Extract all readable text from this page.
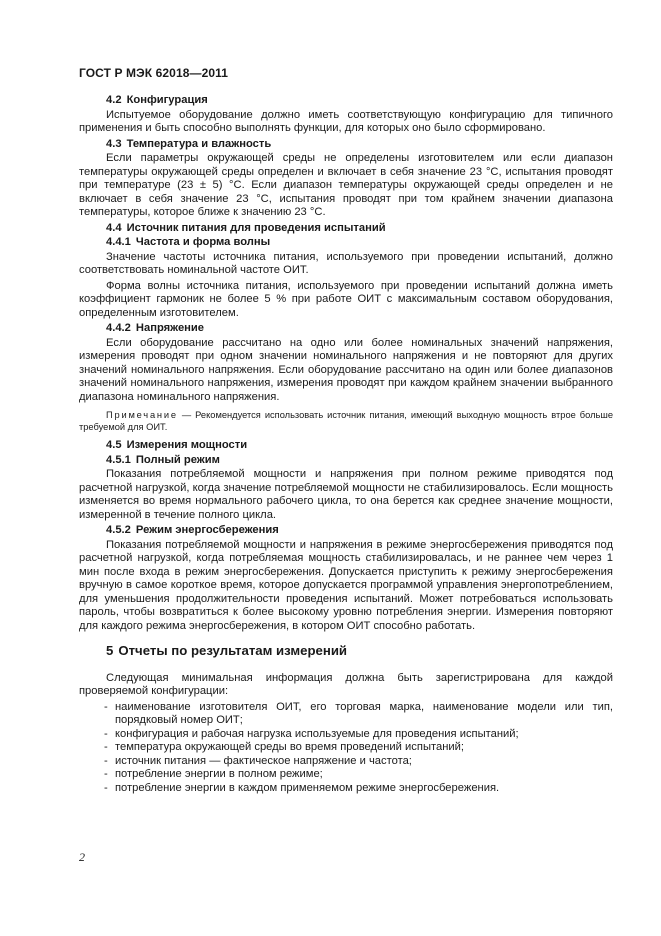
ГОСТ Р МЭК 62018—2011
4.2 Конфигурация
Испытуемое оборудование должно иметь соответствующую конфигурацию для типичного применения и быть способно выполнять функции, для которых оно было сформировано.
4.3 Температура и влажность
Если параметры окружающей среды не определены изготовителем или если диапазон температуры окружающей среды определен и включает в себя значение 23 °С, испытания проводят при температуре (23 ± 5) °С. Если диапазон температуры окружающей среды определен и не включает в себя значение 23 °С, испытания проводят при том крайнем значении диапазона температуры, которое ближе к значению 23 °С.
4.4 Источник питания для проведения испытаний
4.4.1 Частота и форма волны
Значение частоты источника питания, используемого при проведении испытаний, должно соответствовать номинальной частоте ОИТ.
Форма волны источника питания, используемого при проведении испытаний должна иметь коэффициент гармоник не более 5 % при работе ОИТ с максимальным составом оборудования, определенным изготовителем.
4.4.2 Напряжение
Если оборудование рассчитано на одно или более номинальных значений напряжения, измерения проводят при одном значении номинального напряжения и не повторяют для других значений номинального напряжения. Если оборудование рассчитано на один или более диапазонов значений номинального напряжения, измерения проводят при каждом крайнем значении выбранного диапазона номинального напряжения.
Примечание — Рекомендуется использовать источник питания, имеющий выходную мощность втрое больше требуемой для ОИТ.
4.5 Измерения мощности
4.5.1 Полный режим
Показания потребляемой мощности и напряжения при полном режиме приводятся под расчетной нагрузкой, когда значение потребляемой мощности не стабилизировалось. Если мощность изменяется во время нормального рабочего цикла, то она берется как среднее значение мощности, измеренной в течение полного цикла.
4.5.2 Режим энергосбережения
Показания потребляемой мощности и напряжения в режиме энергосбережения приводятся под расчетной нагрузкой, когда потребляемая мощность стабилизировалась, и не раннее чем через 1 мин после входа в режим энергосбережения. Допускается приступить к режиму энергосбережения вручную в самое короткое время, которое допускается программой управления энергопотреблением, для уменьшения продолжительности проведения испытаний. Может потребоваться использовать пароль, чтобы возвратиться к более высокому уровню потребления энергии. Измерения повторяют для каждого режима энергосбережения, в котором ОИТ способно работать.
5 Отчеты по результатам измерений
Следующая минимальная информация должна быть зарегистрирована для каждой проверяемой конфигурации:
- наименование изготовителя ОИТ, его торговая марка, наименование модели или тип, порядковый номер ОИТ;
- конфигурация и рабочая нагрузка используемые для проведения испытаний;
- температура окружающей среды во время проведений испытаний;
- источник питания — фактическое напряжение и частота;
- потребление энергии в полном режиме;
- потребление энергии в каждом применяемом режиме энергосбережения.
2
